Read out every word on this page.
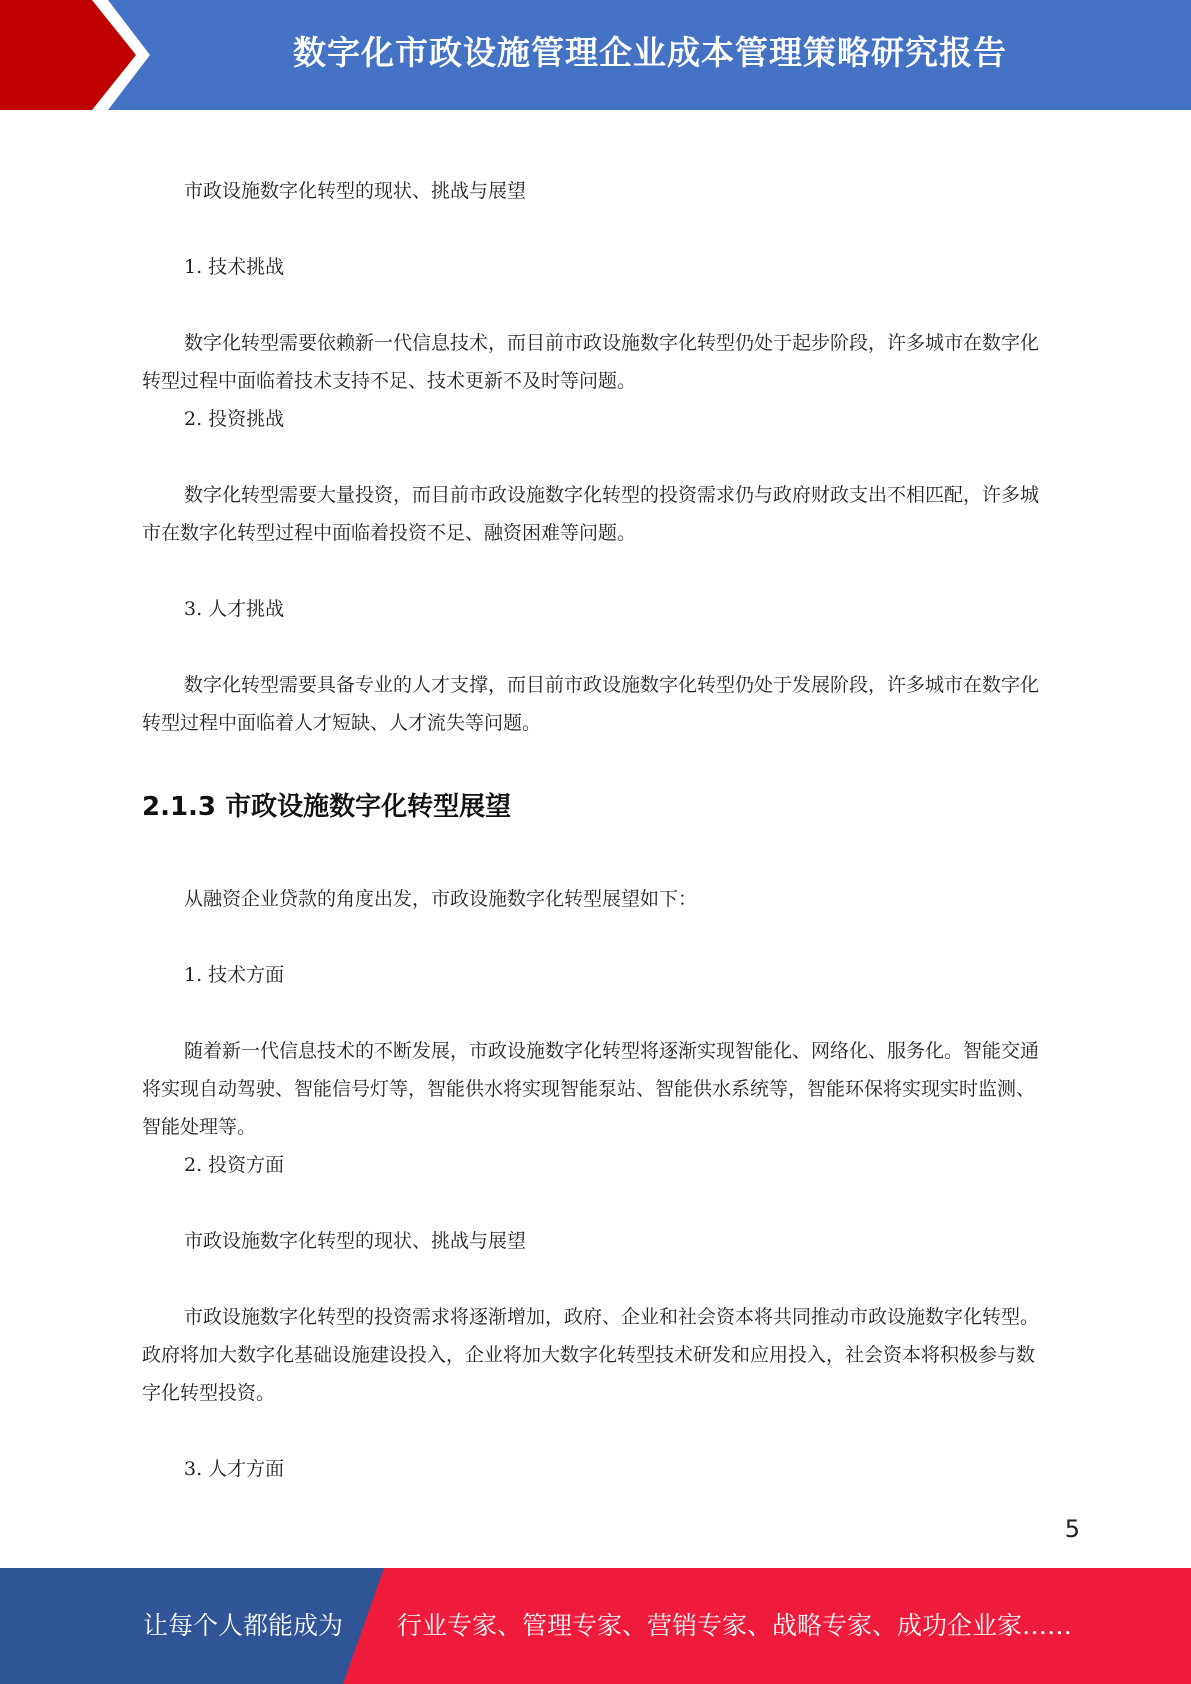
数字化市政设施管理企业成本管理策略研究报告

市政设施数字化转型的现状、挑战与展望

1. 技术挑战

数字化转型需要依赖新一代信息技术，而目前市政设施数字化转型仍处于起步阶段，许多城市在数字化转型过程中面临着技术支持不足、技术更新不及时等问题。

2. 投资挑战

数字化转型需要大量投资，而目前市政设施数字化转型的投资需求仍与政府财政支出不相匹配，许多城市在数字化转型过程中面临着投资不足、融资困难等问题。

3. 人才挑战

数字化转型需要具备专业的人才支撑，而目前市政设施数字化转型仍处于发展阶段，许多城市在数字化转型过程中面临着人才短缺、人才流失等问题。

2.1.3 市政设施数字化转型展望

从融资企业贷款的角度出发，市政设施数字化转型展望如下：

1. 技术方面

随着新一代信息技术的不断发展，市政设施数字化转型将逐渐实现智能化、网络化、服务化。智能交通将实现自动驾驶、智能信号灯等，智能供水将实现智能泵站、智能供水系统等，智能环保将实现实时监测、智能处理等。

2. 投资方面

市政设施数字化转型的现状、挑战与展望

市政设施数字化转型的投资需求将逐渐增加，政府、企业和社会资本将共同推动市政设施数字化转型。政府将加大数字化基础设施建设投入，企业将加大数字化转型技术研发和应用投入，社会资本将积极参与数字化转型投资。

3. 人才方面

5
让每个人都能成为 行业专家、管理专家、营销专家、战略专家、成功企业家……
